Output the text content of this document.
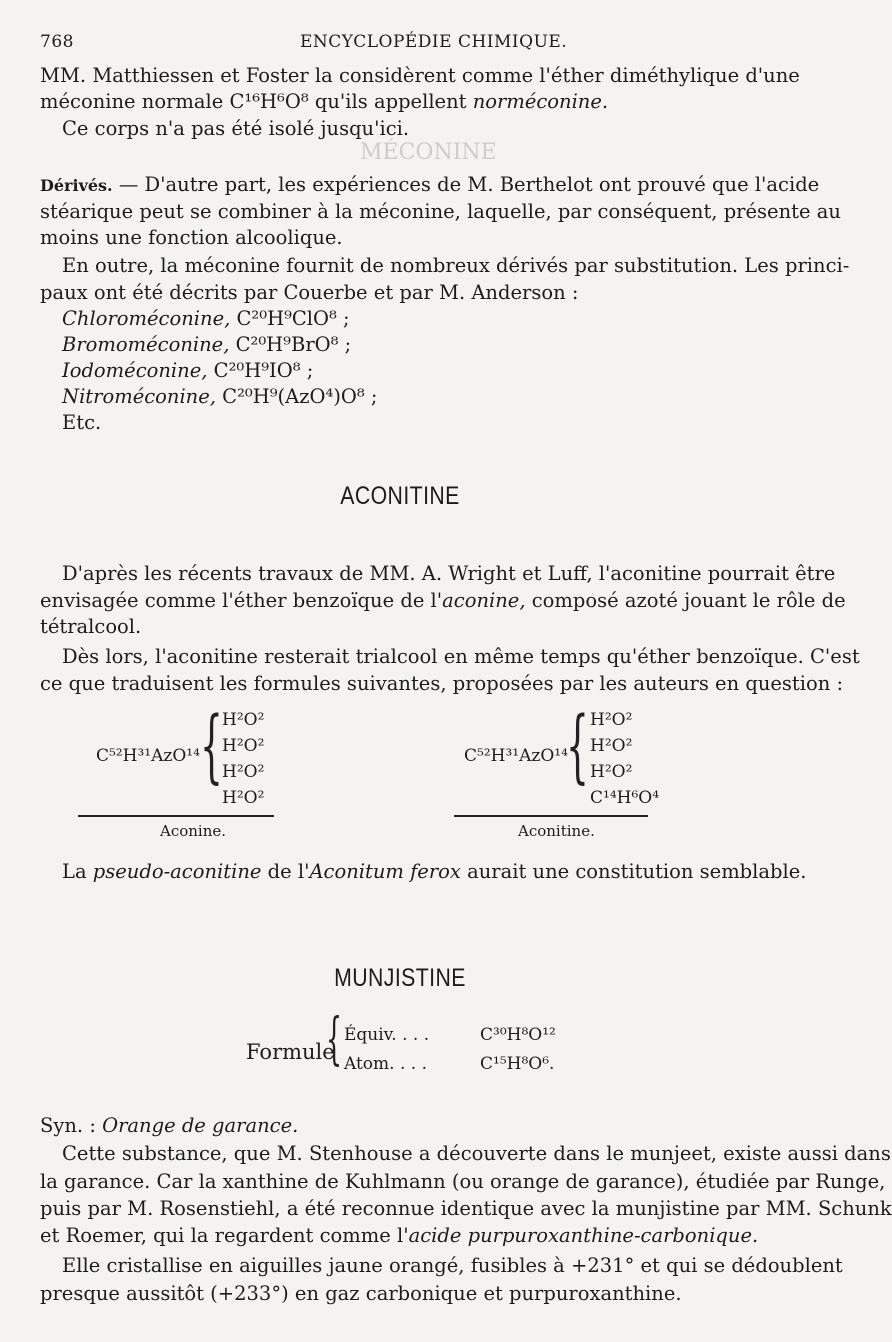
MÉCONINE
768	ENCYCLOPÉDIE CHIMIQUE.
MM. Matthiessen et Foster la considèrent comme l'éther diméthylique d'une
méconine normale C¹⁶H⁶O⁸ qu'ils appellent norméconine.
Ce corps n'a pas été isolé jusqu'ici.
Dérivés. — D'autre part, les expériences de M. Berthelot ont prouvé que l'acide
stéarique peut se combiner à la méconine, laquelle, par conséquent, présente au
moins une fonction alcoolique.
En outre, la méconine fournit de nombreux dérivés par substitution. Les princi-
paux ont été décrits par Couerbe et par M. Anderson :
Chloroméconine, C²⁰H⁹ClO⁸ ;
Bromoméconine, C²⁰H⁹BrO⁸ ;
Iodoméconine, C²⁰H⁹IO⁸ ;
Nitroméconine, C²⁰H⁹(AzO⁴)O⁸ ;
Etc.
ACONITINE
D'après les récents travaux de MM. A. Wright et Luff, l'aconitine pourrait être
envisagée comme l'éther benzoïque de l'aconine, composé azoté jouant le rôle de
tétralcool.
Dès lors, l'aconitine resterait trialcool en même temps qu'éther benzoïque. C'est
ce que traduisent les formules suivantes, proposées par les auteurs en question :
C⁵²H³¹AzO¹⁴ { H²O²
H²O²
H²O²
H²O²
Aconine.
C⁵²H³¹AzO¹⁴
{ H²O²
H²O²
H²O²
C¹⁴H⁶O⁴
Aconitine.
La pseudo-aconitine de l'Aconitum ferox aurait une constitution semblable.
MUNJISTINE
Formule
{ Équiv. . . .	C³⁰H⁸O¹²
Atom. . . .	C¹⁵H⁸O⁶.
Syn. : Orange de garance.
Cette substance, que M. Stenhouse a découverte dans le munjeet, existe aussi dans
la garance. Car la xanthine de Kuhlmann (ou orange de garance), étudiée par Runge,
puis par M. Rosenstiehl, a été reconnue identique avec la munjistine par MM. Schunk
et Roemer, qui la regardent comme l'acide purpuroxanthine-carbonique.
Elle cristallise en aiguilles jaune orangé, fusibles à +231° et qui se dédoublent
presque aussitôt (+233°) en gaz carbonique et purpuroxanthine.
